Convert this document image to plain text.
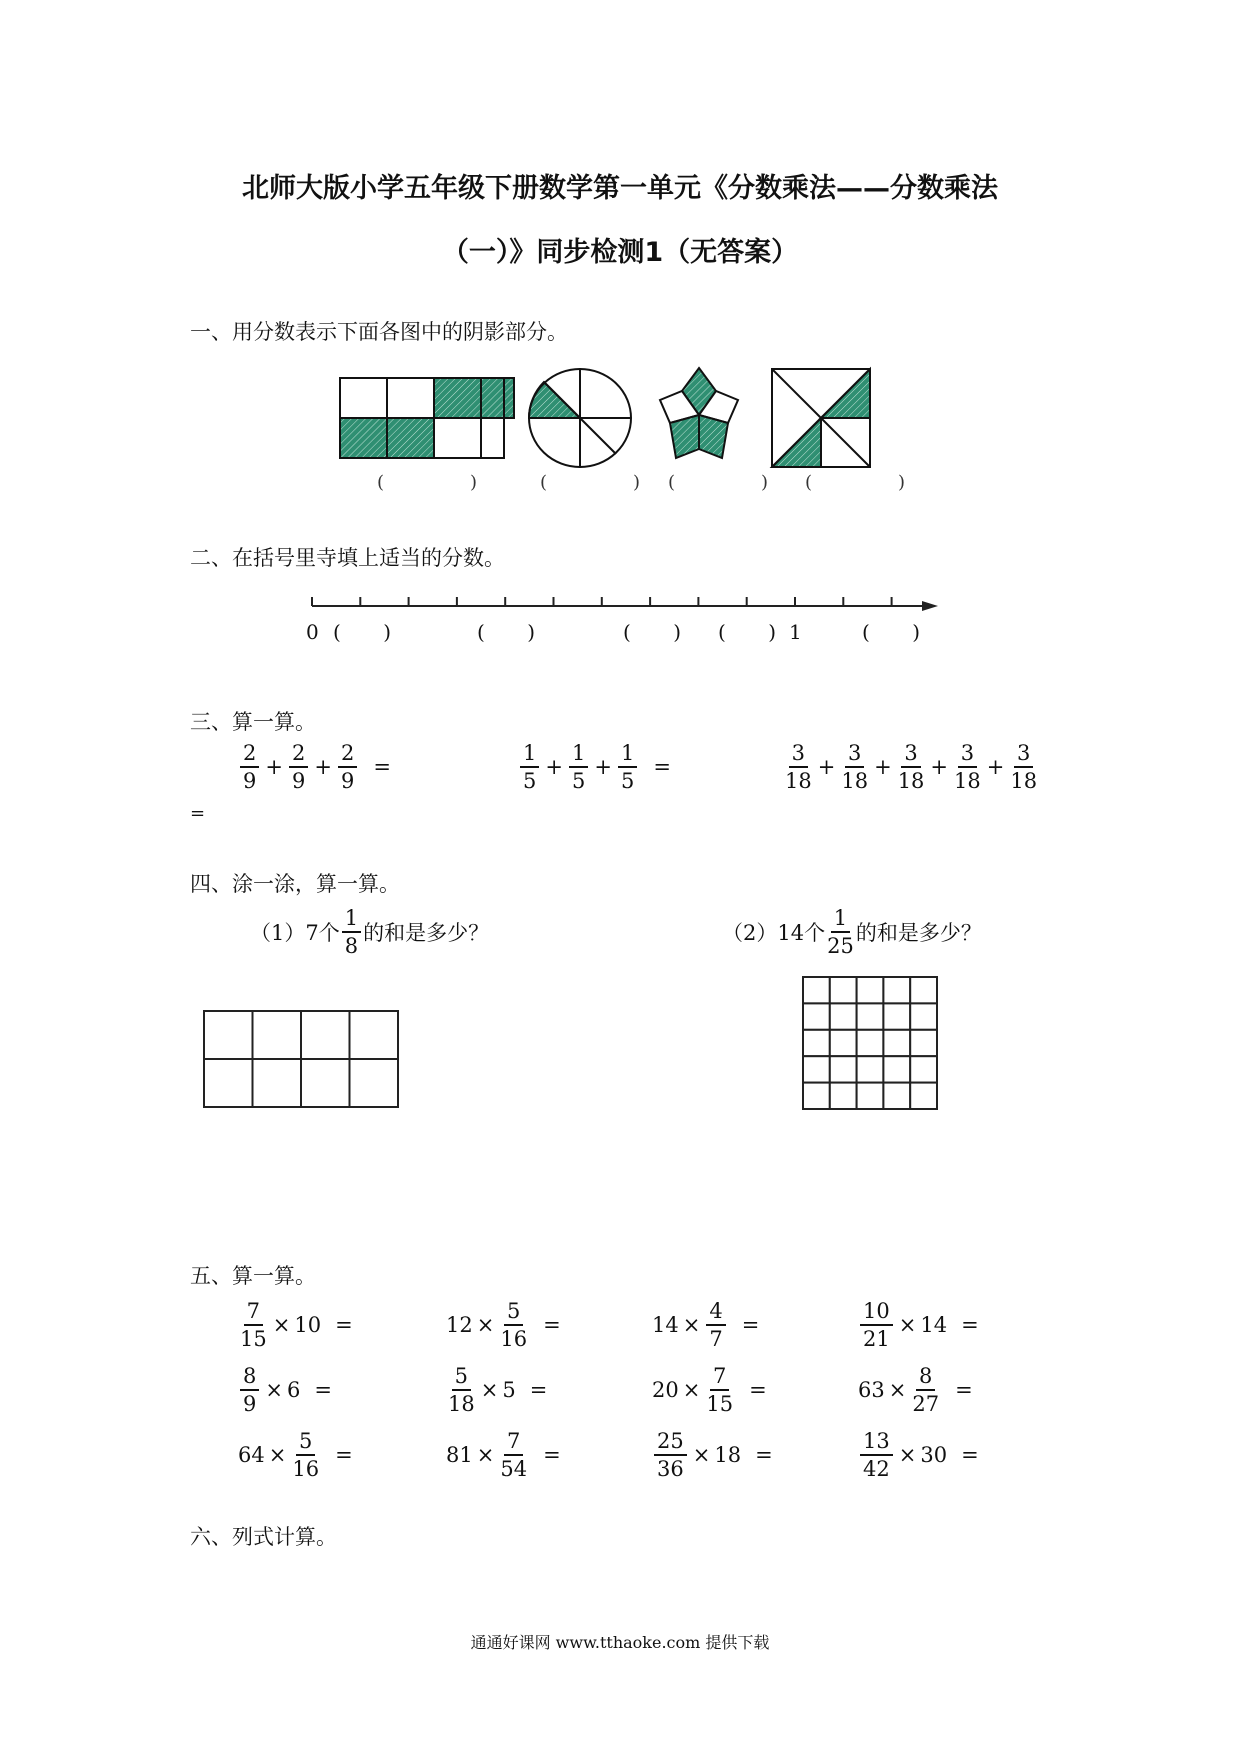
北师大版小学五年级下册数学第一单元《分数乘法——分数乘法
（一）》同步检测1（无答案）
一、用分数表示下面各图中的阴影部分。
(	)	(	) (	) (	)
二、在括号里寺填上适当的分数。
0	1
( )	( )	( ) ( )	( )
三、算一算。
$\frac{2}{9} + \frac{2}{9} + \frac{2}{9}$ =	$\frac{1}{5} + \frac{1}{5} + \frac{1}{5}$ =	$\frac{3}{18} + \frac{3}{18} + \frac{3}{18} + \frac{3}{18} + \frac{3}{18}$
=
四、涂一涂，算一算。
（1）7个 $\frac{1}{8}$ 的和是多少？	（2）14个 $\frac{1}{25}$ 的和是多少？
五、算一算。
$\frac{7}{15} \times 10$ =	$12 \times \frac{5}{16}$ =	$14 \times \frac{4}{7}$ =	$\frac{10}{21} \times 14$ =
$\frac{8}{9} \times 6$ =	$\frac{5}{18} \times 5$ =	$20 \times \frac{7}{15}$ =	$63 \times \frac{8}{27}$ =
$64 \times \frac{5}{16}$ =	$81 \times \frac{7}{54}$ =	$\frac{25}{36} \times 18$ =	$\frac{13}{42} \times 30$ =
六、列式计算。
通通好课网 www.tthaoke.com 提供下载
